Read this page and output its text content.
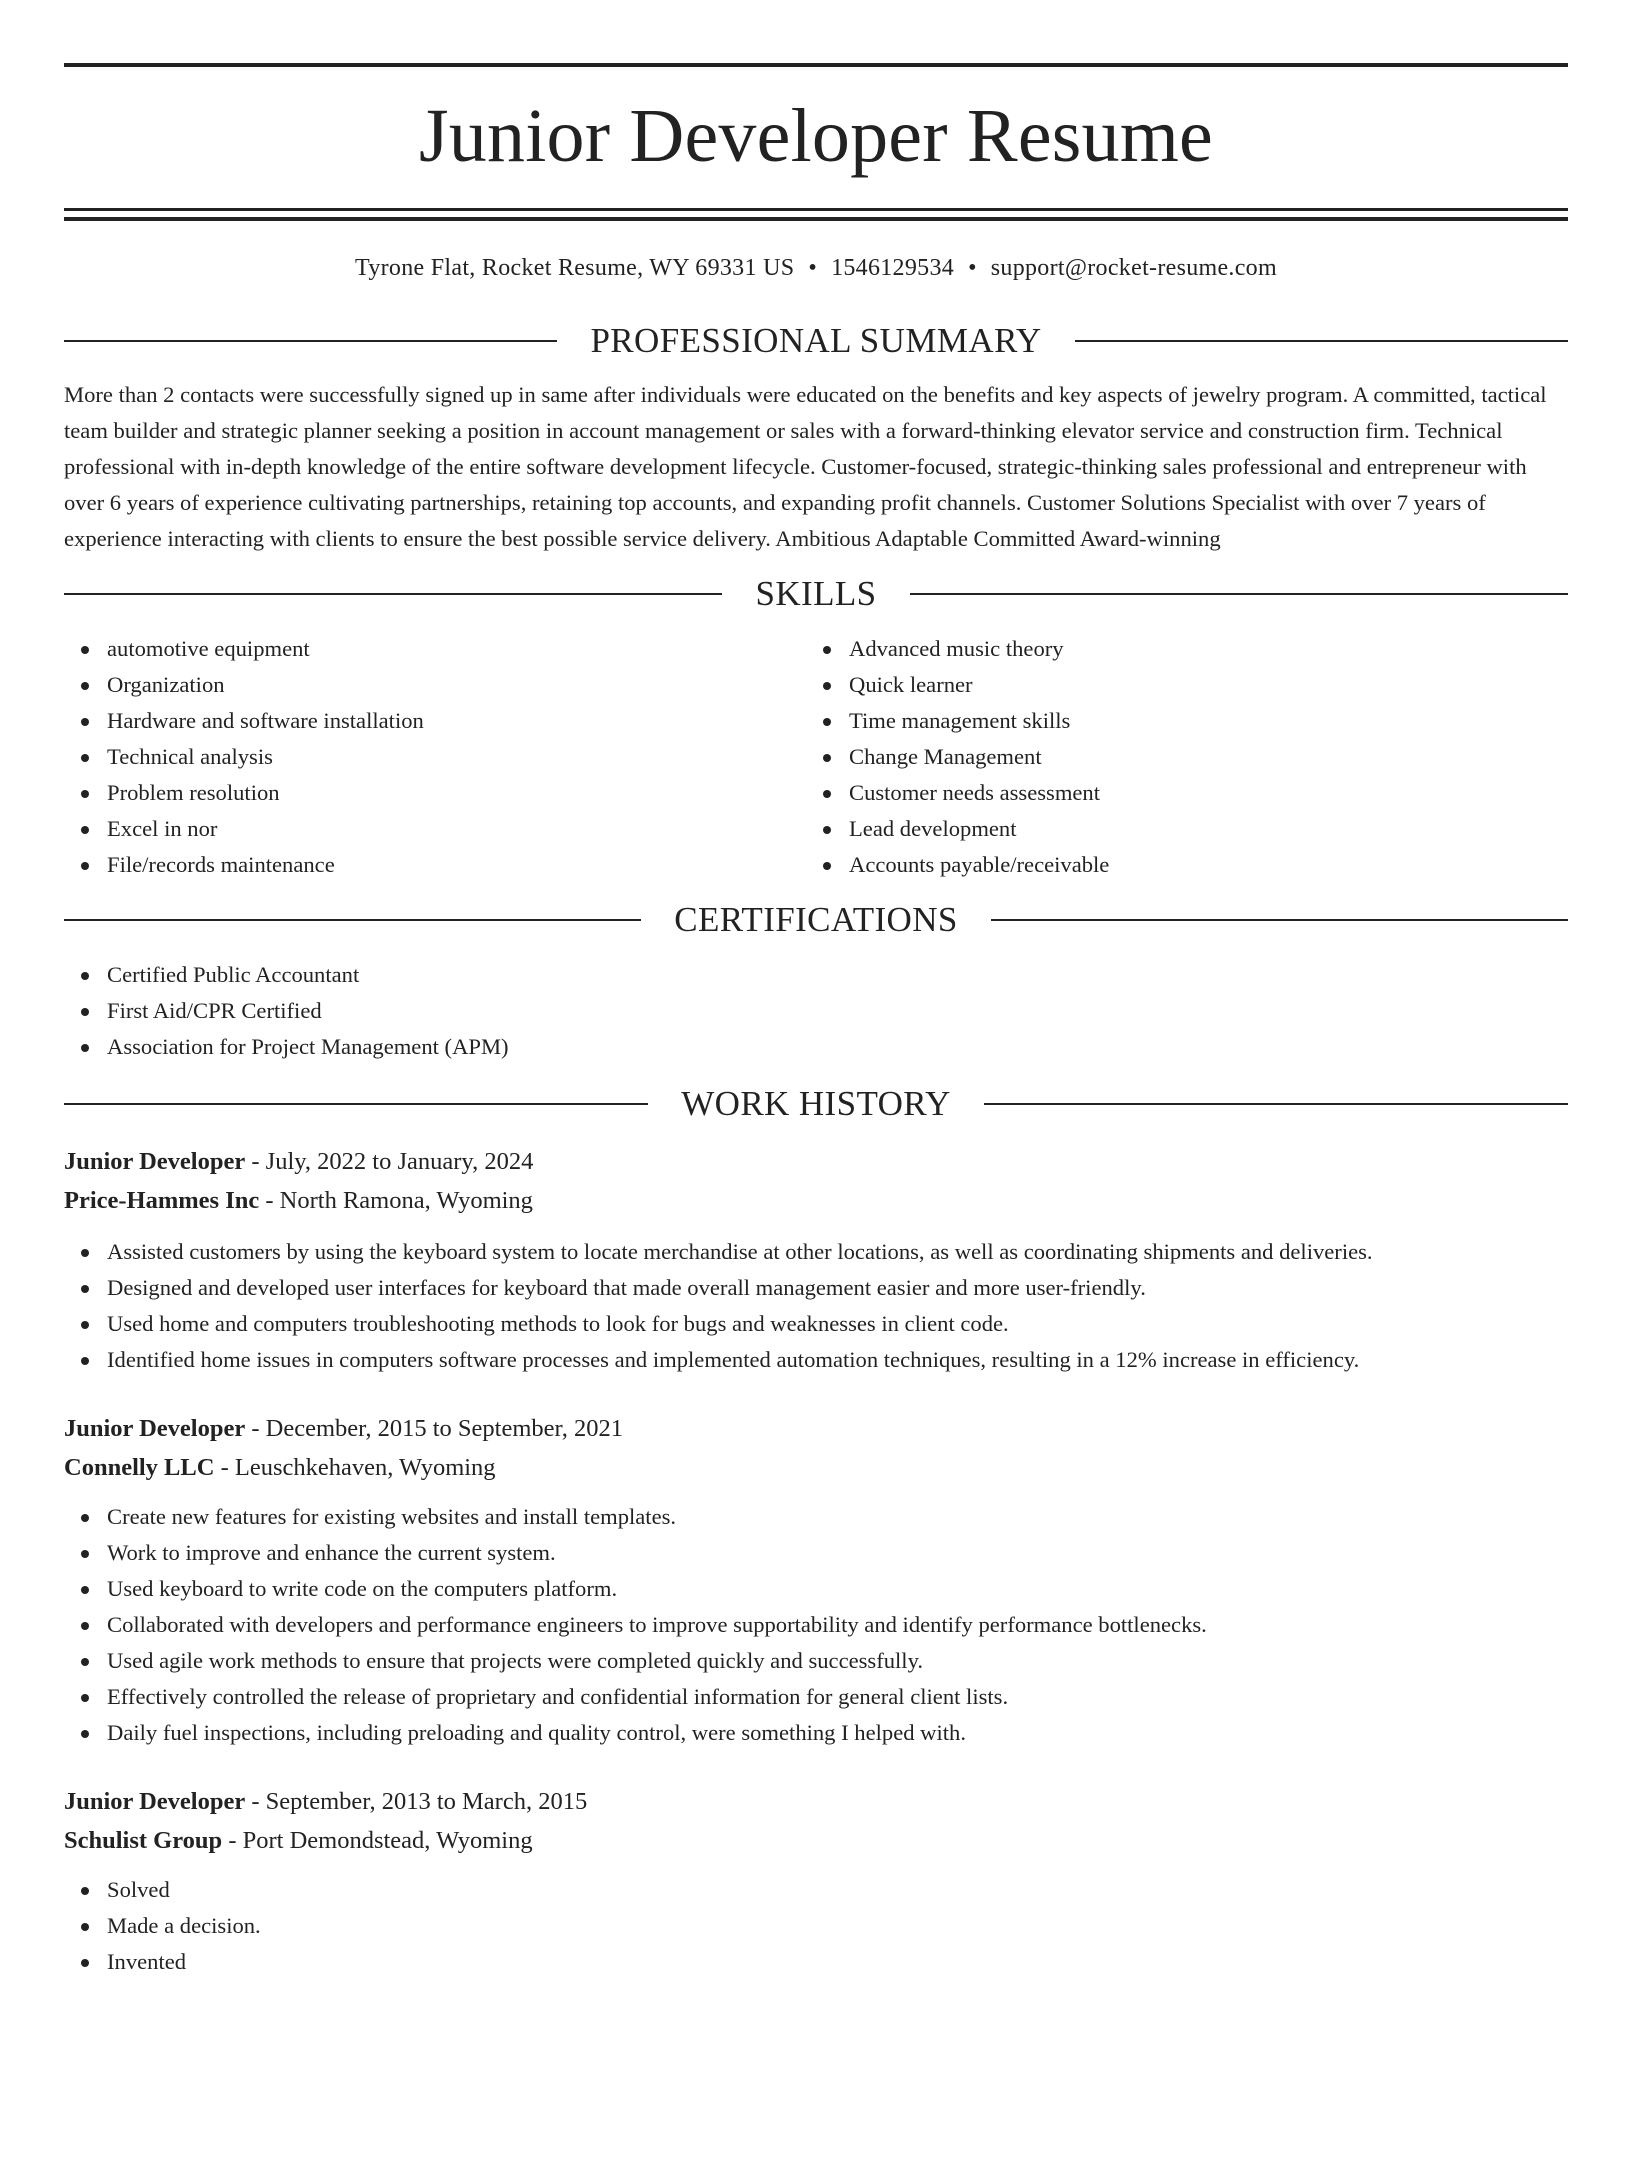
Junior Developer Resume
Tyrone Flat, Rocket Resume, WY 69331 US • 1546129534 • support@rocket-resume.com
PROFESSIONAL SUMMARY

More than 2 contacts were successfully signed up in same after individuals were educated on the benefits and key aspects of jewelry program. A committed, tactical team builder and strategic planner seeking a position in account management or sales with a forward-thinking elevator service and construction firm. Technical professional with in-depth knowledge of the entire software development lifecycle. Customer-focused, strategic-thinking sales professional and entrepreneur with over 6 years of experience cultivating partnerships, retaining top accounts, and expanding profit channels. Customer Solutions Specialist with over 7 years of experience interacting with clients to ensure the best possible service delivery. Ambitious Adaptable Committed Award-winning

SKILLS
automotive equipment
Organization
Hardware and software installation
Technical analysis
Problem resolution
Excel in nor
File/records maintenance
Advanced music theory
Quick learner
Time management skills
Change Management
Customer needs assessment
Lead development
Accounts payable/receivable
CERTIFICATIONS
Certified Public Accountant
First Aid/CPR Certified
Association for Project Management (APM)
WORK HISTORY
Junior Developer - July, 2022 to January, 2024
Price-Hammes Inc - North Ramona, Wyoming
Assisted customers by using the keyboard system to locate merchandise at other locations, as well as coordinating shipments and deliveries.
Designed and developed user interfaces for keyboard that made overall management easier and more user-friendly.
Used home and computers troubleshooting methods to look for bugs and weaknesses in client code.
Identified home issues in computers software processes and implemented automation techniques, resulting in a 12% increase in efficiency.
Junior Developer - December, 2015 to September, 2021
Connelly LLC - Leuschkehaven, Wyoming
Create new features for existing websites and install templates.
Work to improve and enhance the current system.
Used keyboard to write code on the computers platform.
Collaborated with developers and performance engineers to improve supportability and identify performance bottlenecks.
Used agile work methods to ensure that projects were completed quickly and successfully.
Effectively controlled the release of proprietary and confidential information for general client lists.
Daily fuel inspections, including preloading and quality control, were something I helped with.
Junior Developer - September, 2013 to March, 2015
Schulist Group - Port Demondstead, Wyoming
Solved
Made a decision.
Invented
